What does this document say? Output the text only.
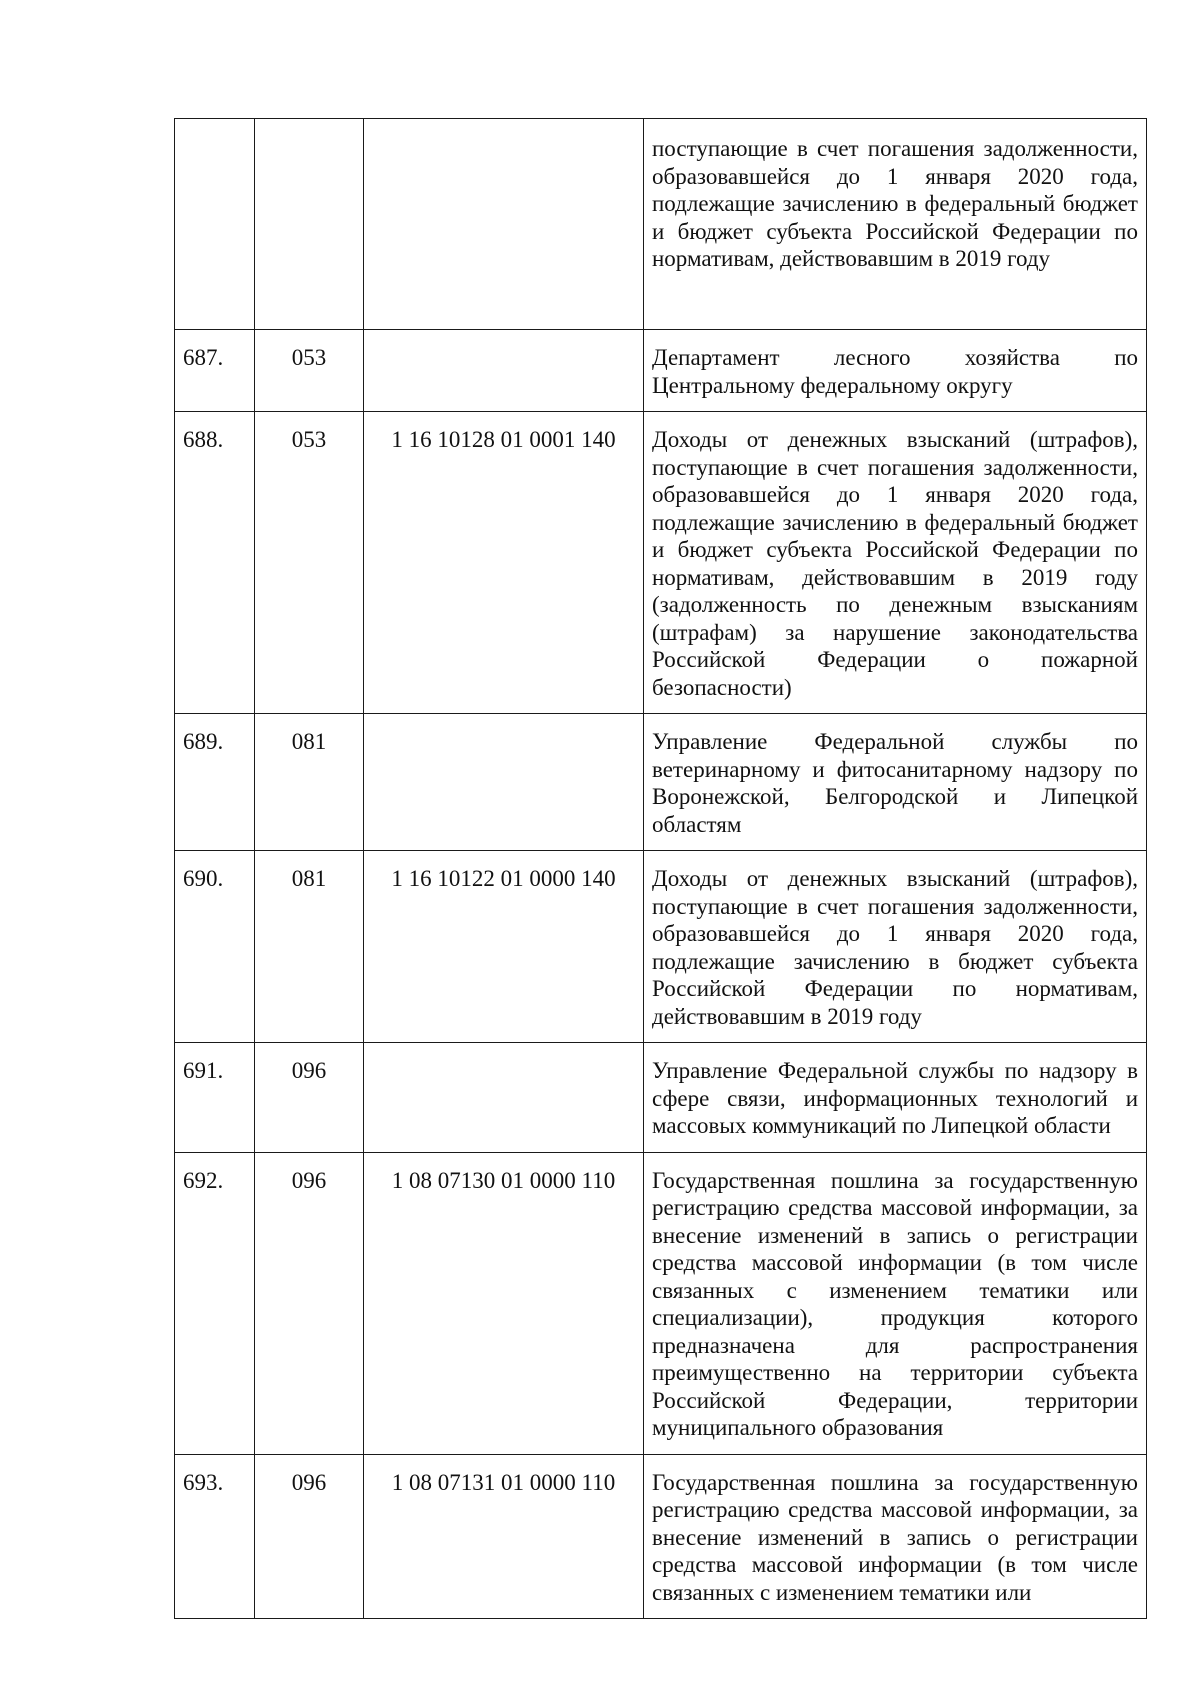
			поступающие в счет погашения задолженности, образовавшейся до 1 января 2020 года, подлежащие зачислению в федеральный бюджет и бюджет субъекта Российской Федерации по нормативам, действовавшим в 2019 году

687.	053		Департамент лесного хозяйства по Центральному федеральному округу

688.	053	1 16 10128 01 0001 140	Доходы от денежных взысканий (штрафов), поступающие в счет погашения задолженности, образовавшейся до 1 января 2020 года, подлежащие зачислению в федеральный бюджет и бюджет субъекта Российской Федерации по нормативам, действовавшим в 2019 году (задолженность по денежным взысканиям (штрафам) за нарушение законодательства Российской Федерации о пожарной безопасности)

689.	081		Управление Федеральной службы по ветеринарному и фитосанитарному надзору по Воронежской, Белгородской и Липецкой областям

690.	081	1 16 10122 01 0000 140	Доходы от денежных взысканий (штрафов), поступающие в счет погашения задолженности, образовавшейся до 1 января 2020 года, подлежащие зачислению в бюджет субъекта Российской Федерации по нормативам, действовавшим в 2019 году

691.	096		Управление Федеральной службы по надзору в сфере связи, информационных технологий и массовых коммуникаций по Липецкой области

692.	096	1 08 07130 01 0000 110	Государственная пошлина за государственную регистрацию средства массовой информации, за внесение изменений в запись о регистрации средства массовой информации (в том числе связанных с изменением тематики или специализации), продукция которого предназначена для распространения преимущественно на территории субъекта Российской Федерации, территории муниципального образования

693.	096	1 08 07131 01 0000 110	Государственная пошлина за государственную регистрацию средства массовой информации, за внесение изменений в запись о регистрации средства массовой информации (в том числе связанных с изменением тематики или
